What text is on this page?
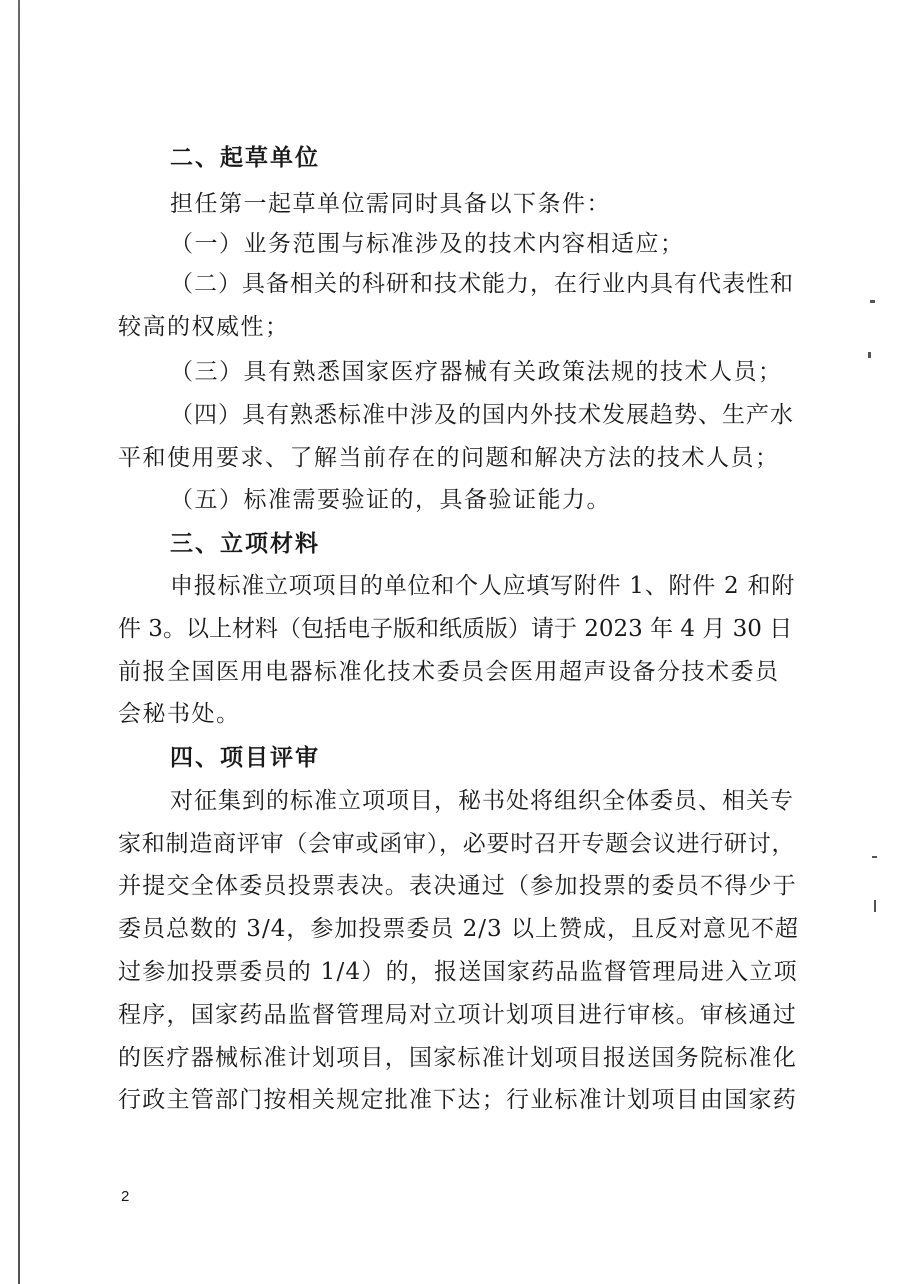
二、起草单位
担任第一起草单位需同时具备以下条件：
（一）业务范围与标准涉及的技术内容相适应；
（二）具备相关的科研和技术能力，在行业内具有代表性和
较高的权威性；
（三）具有熟悉国家医疗器械有关政策法规的技术人员；
（四）具有熟悉标准中涉及的国内外技术发展趋势、生产水
平和使用要求、了解当前存在的问题和解决方法的技术人员；
（五）标准需要验证的，具备验证能力。
三、立项材料
申报标准立项项目的单位和个人应填写附件 1、附件 2 和附
件 3。以上材料（包括电子版和纸质版）请于 2023 年 4 月 30 日
前报全国医用电器标准化技术委员会医用超声设备分技术委员
会秘书处。
四、项目评审
对征集到的标准立项项目，秘书处将组织全体委员、相关专
家和制造商评审（会审或函审），必要时召开专题会议进行研讨，
并提交全体委员投票表决。表决通过（参加投票的委员不得少于
委员总数的 3/4，参加投票委员 2/3 以上赞成，且反对意见不超
过参加投票委员的 1/4）的，报送国家药品监督管理局进入立项
程序，国家药品监督管理局对立项计划项目进行审核。审核通过
的医疗器械标准计划项目，国家标准计划项目报送国务院标准化
行政主管部门按相关规定批准下达；行业标准计划项目由国家药
2
